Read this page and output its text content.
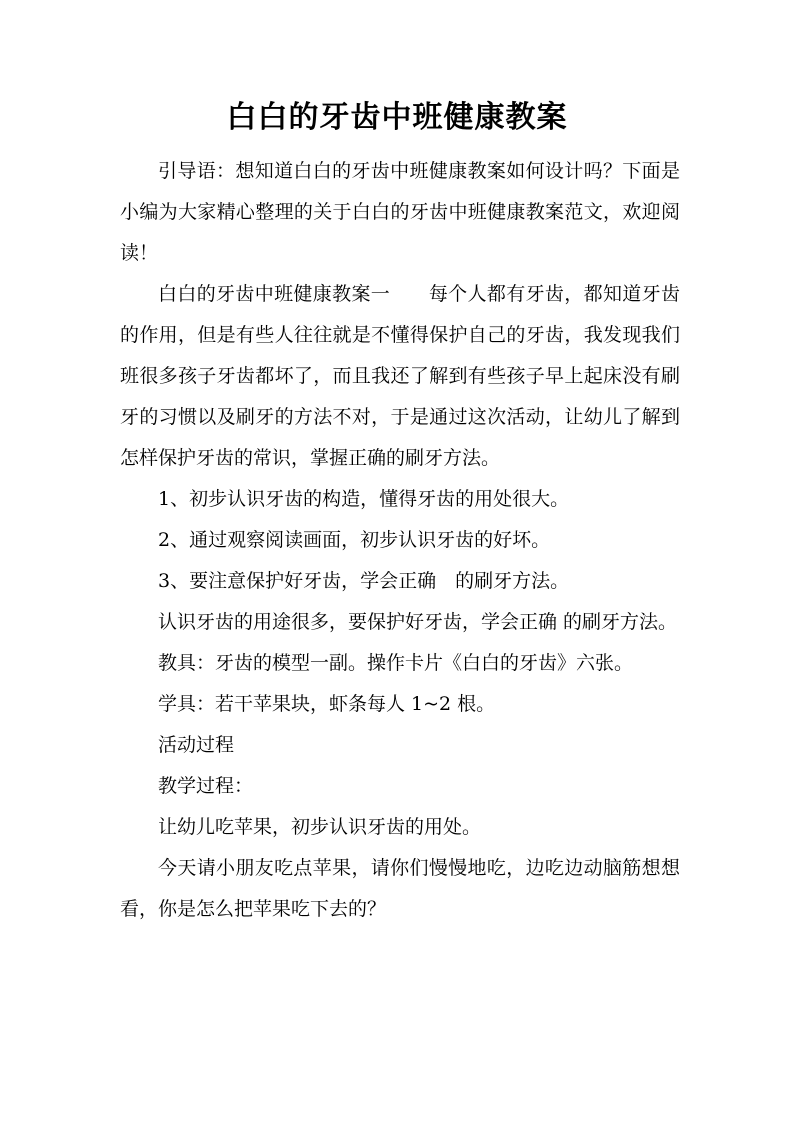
白白的牙齿中班健康教案

引导语：想知道白白的牙齿中班健康教案如何设计吗？下面是小编为大家精心整理的关于白白的牙齿中班健康教案范文，欢迎阅读！

白白的牙齿中班健康教案一　　每个人都有牙齿，都知道牙齿的作用，但是有些人往往就是不懂得保护自己的牙齿，我发现我们班很多孩子牙齿都坏了，而且我还了解到有些孩子早上起床没有刷牙的习惯以及刷牙的方法不对，于是通过这次活动，让幼儿了解到怎样保护牙齿的常识，掌握正确的刷牙方法。

1、初步认识牙齿的构造，懂得牙齿的用处很大。

2、通过观察阅读画面，初步认识牙齿的好坏。

3、要注意保护好牙齿，学会正确　的刷牙方法。

认识牙齿的用途很多，要保护好牙齿，学会正确 的刷牙方法。

教具：牙齿的模型一副。操作卡片《白白的牙齿》六张。

学具：若干苹果块，虾条每人 1~2 根。

活动过程

教学过程：

让幼儿吃苹果，初步认识牙齿的用处。

今天请小朋友吃点苹果，请你们慢慢地吃，边吃边动脑筋想想看，你是怎么把苹果吃下去的？
